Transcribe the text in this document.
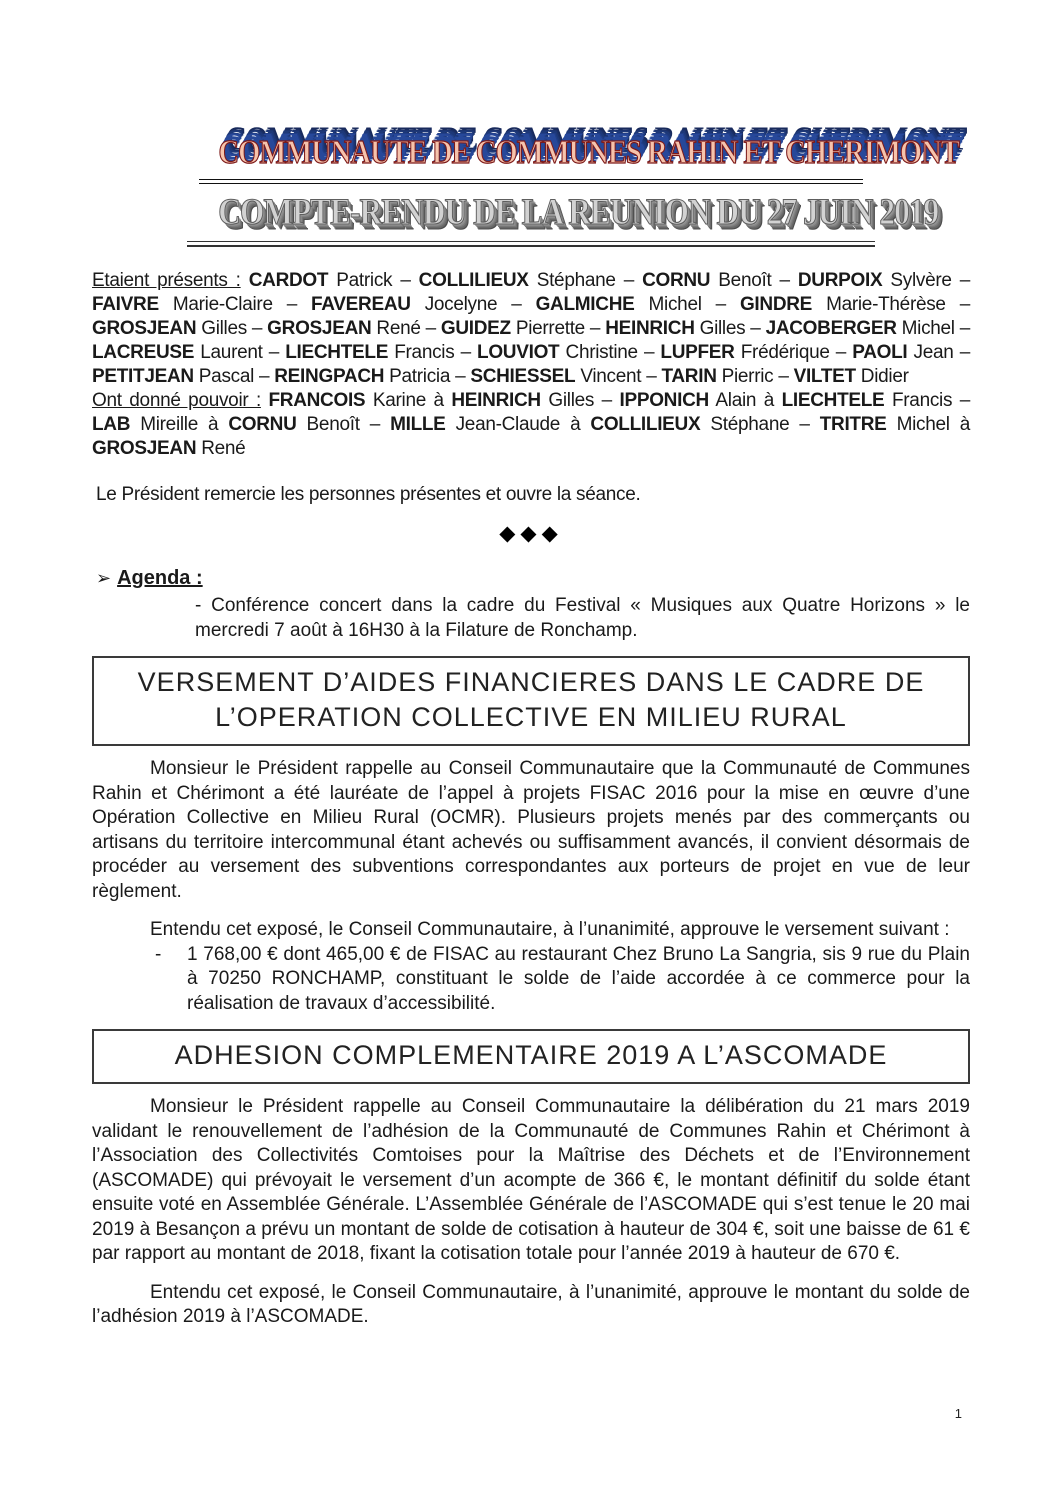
COMMUNAUTE DE COMMUNES RAHIN ET CHERIMONT
COMPTE-RENDU DE LA REUNION DU 27 JUIN 2019

Etaient présents : CARDOT Patrick – COLLILIEUX Stéphane – CORNU Benoît – DURPOIX Sylvère – FAIVRE Marie-Claire – FAVEREAU Jocelyne – GALMICHE Michel – GINDRE Marie-Thérèse – GROSJEAN Gilles – GROSJEAN René – GUIDEZ Pierrette – HEINRICH Gilles – JACOBERGER Michel – LACREUSE Laurent – LIECHTELE Francis – LOUVIOT Christine – LUPFER Frédérique – PAOLI Jean – PETITJEAN Pascal – REINGPACH Patricia – SCHIESSEL Vincent – TARIN Pierric – VILTET Didier

Ont donné pouvoir : FRANCOIS Karine à HEINRICH Gilles – IPPONICH Alain à LIECHTELE Francis – LAB Mireille à CORNU Benoît – MILLE Jean-Claude à COLLILIEUX Stéphane – TRITRE Michel à GROSJEAN René

Le Président remercie les personnes présentes et ouvre la séance.

◆◆◆
➢ Agenda :

- Conférence concert dans la cadre du Festival « Musiques aux Quatre Horizons » le mercredi 7 août à 16H30 à la Filature de Ronchamp.

VERSEMENT D’AIDES FINANCIERES DANS LE CADRE DE
L’OPERATION COLLECTIVE EN MILIEU RURAL

Monsieur le Président rappelle au Conseil Communautaire que la Communauté de Communes Rahin et Chérimont a été lauréate de l’appel à projets FISAC 2016 pour la mise en œuvre d’une Opération Collective en Milieu Rural (OCMR). Plusieurs projets menés par des commerçants ou artisans du territoire intercommunal étant achevés ou suffisamment avancés, il convient désormais de procéder au versement des subventions correspondantes aux porteurs de projet en vue de leur règlement.

Entendu cet exposé, le Conseil Communautaire, à l’unanimité, approuve le versement suivant :

- 1 768,00 € dont 465,00 € de FISAC au restaurant Chez Bruno La Sangria, sis 9 rue du Plain à 70250 RONCHAMP, constituant le solde de l’aide accordée à ce commerce pour la réalisation de travaux d’accessibilité.
ADHESION COMPLEMENTAIRE 2019 A L’ASCOMADE

Monsieur le Président rappelle au Conseil Communautaire la délibération du 21 mars 2019 validant le renouvellement de l’adhésion de la Communauté de Communes Rahin et Chérimont à l’Association des Collectivités Comtoises pour la Maîtrise des Déchets et de l’Environnement (ASCOMADE) qui prévoyait le versement d’un acompte de 366 €, le montant définitif du solde étant ensuite voté en Assemblée Générale. L’Assemblée Générale de l’ASCOMADE qui s’est tenue le 20 mai 2019 à Besançon a prévu un montant de solde de cotisation à hauteur de 304 €, soit une baisse de 61 € par rapport au montant de 2018, fixant la cotisation totale pour l’année 2019 à hauteur de 670 €.

Entendu cet exposé, le Conseil Communautaire, à l’unanimité, approuve le montant du solde de l’adhésion 2019 à l’ASCOMADE.

1
